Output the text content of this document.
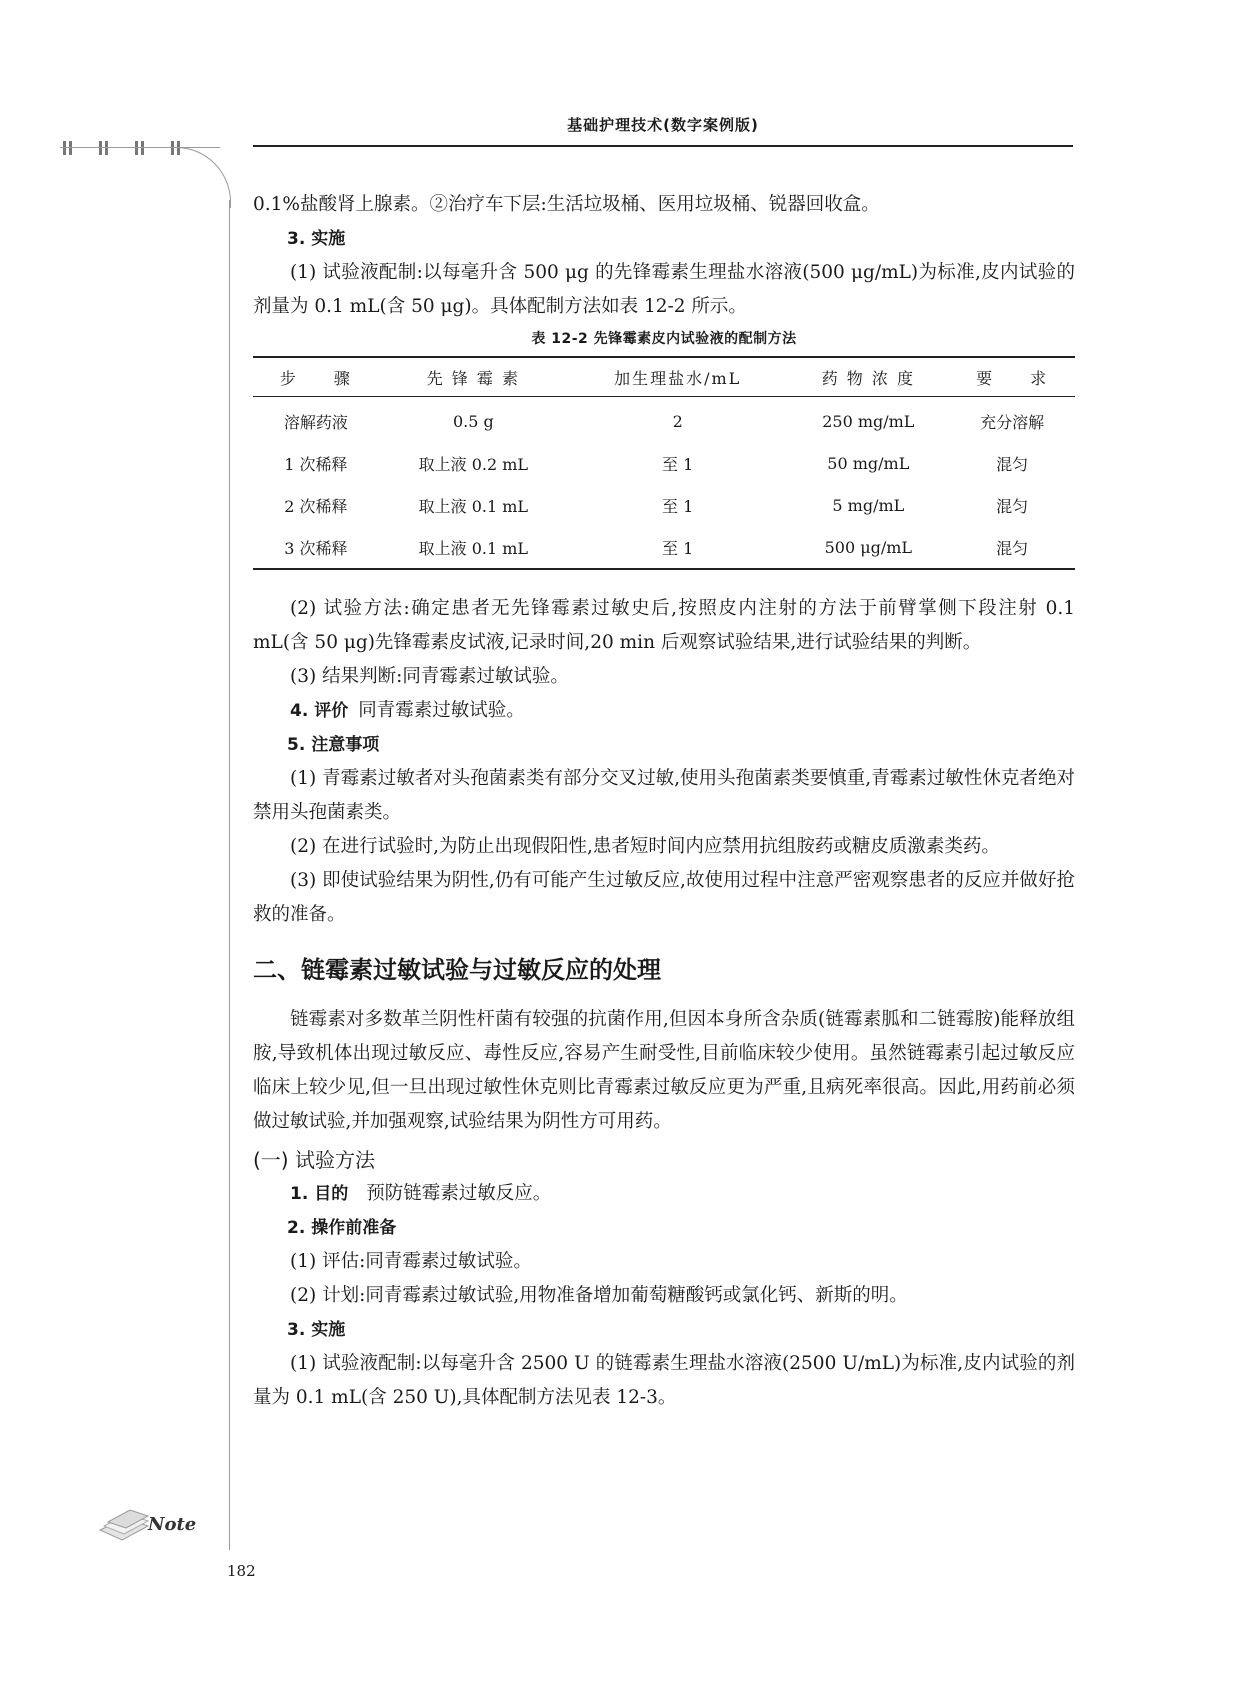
基础护理技术(数字案例版)

0.1%盐酸肾上腺素。②治疗车下层:生活垃圾桶、医用垃圾桶、锐器回收盒。

3. 实施

(1) 试验液配制:以每毫升含 500 μg 的先锋霉素生理盐水溶液(500 μg/mL)为标准,皮内试验的剂量为 0.1 mL(含 50 μg)。具体配制方法如表 12-2 所示。

表 12-2 先锋霉素皮内试验液的配制方法
步　　骤	先 锋 霉 素	加生理盐水/mL	药 物 浓 度	要　　求
溶解药液	0.5 g	2	250 mg/mL	充分溶解
1 次稀释	取上液 0.2 mL	至 1	50 mg/mL	混匀
2 次稀释	取上液 0.1 mL	至 1	5 mg/mL	混匀
3 次稀释	取上液 0.1 mL	至 1	500 μg/mL	混匀

(2) 试验方法:确定患者无先锋霉素过敏史后,按照皮内注射的方法于前臂掌侧下段注射 0.1 mL(含 50 μg)先锋霉素皮试液,记录时间,20 min 后观察试验结果,进行试验结果的判断。

(3) 结果判断:同青霉素过敏试验。

4. 评价 同青霉素过敏试验。

5. 注意事项

(1) 青霉素过敏者对头孢菌素类有部分交叉过敏,使用头孢菌素类要慎重,青霉素过敏性休克者绝对禁用头孢菌素类。

(2) 在进行试验时,为防止出现假阳性,患者短时间内应禁用抗组胺药或糖皮质激素类药。

(3) 即使试验结果为阴性,仍有可能产生过敏反应,故使用过程中注意严密观察患者的反应并做好抢救的准备。

二、链霉素过敏试验与过敏反应的处理

链霉素对多数革兰阴性杆菌有较强的抗菌作用,但因本身所含杂质(链霉素胍和二链霉胺)能释放组胺,导致机体出现过敏反应、毒性反应,容易产生耐受性,目前临床较少使用。虽然链霉素引起过敏反应临床上较少见,但一旦出现过敏性休克则比青霉素过敏反应更为严重,且病死率很高。因此,用药前必须做过敏试验,并加强观察,试验结果为阴性方可用药。

(一) 试验方法

1. 目的 预防链霉素过敏反应。

2. 操作前准备

(1) 评估:同青霉素过敏试验。

(2) 计划:同青霉素过敏试验,用物准备增加葡萄糖酸钙或氯化钙、新斯的明。

3. 实施

(1) 试验液配制:以每毫升含 2500 U 的链霉素生理盐水溶液(2500 U/mL)为标准,皮内试验的剂量为 0.1 mL(含 250 U),具体配制方法见表 12-3。

Note
182
